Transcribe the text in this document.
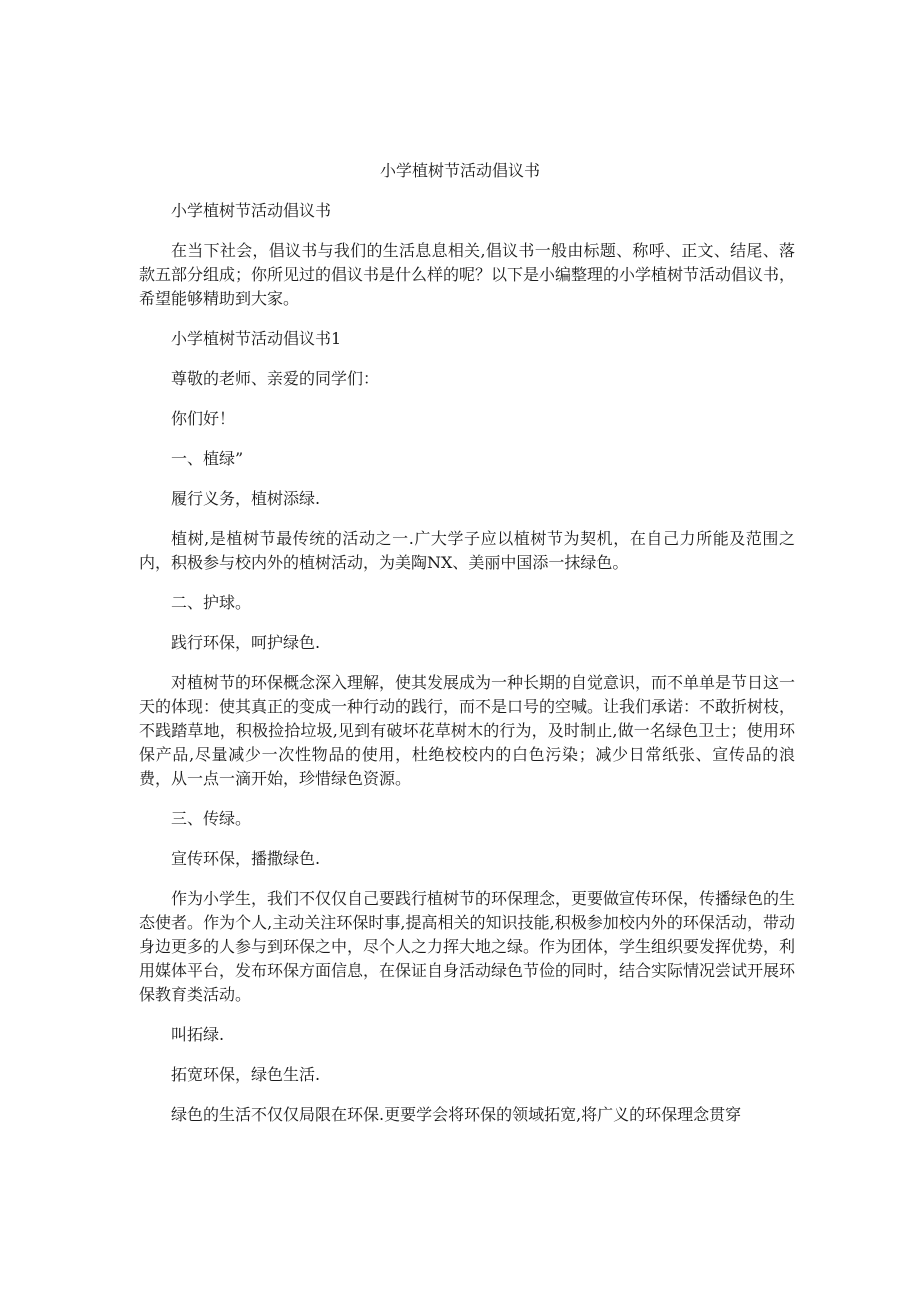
小学植树节活动倡议书

小学植树节活动倡议书

在当下社会，倡议书与我们的生活息息相关,倡议书一般由标题、称呼、正文、结尾、落款五部分组成；你所见过的倡议书是什么样的呢？以下是小编整理的小学植树节活动倡议书，希望能够精助到大家。

小学植树节活动倡议书1

尊敬的老师、亲爱的同学们：

你们好！

一、植绿”

履行义务，植树添绿.

植树,是植树节最传统的活动之一.广大学子应以植树节为契机，在自己力所能及范围之内，积极参与校内外的植树活动，为美陶NX、美丽中国添一抹绿色。

二、护球。

践行环保，呵护绿色.

对植树节的环保概念深入理解，使其发展成为一种长期的自觉意识，而不单单是节日这一天的体现：使其真正的变成一种行动的践行，而不是口号的空喊。让我们承诺：不敢折树枝，不践踏草地，积极捡拾垃圾,见到有破坏花草树木的行为，及时制止,做一名绿色卫士；使用环保产品,尽量减少一次性物品的使用，杜绝校校内的白色污染；减少日常纸张、宣传品的浪费，从一点一滴开始，珍惜绿色资源。

三、传绿。

宣传环保，播撒绿色.

作为小学生，我们不仅仅自己要践行植树节的环保理念，更要做宣传环保，传播绿色的生态使者。作为个人,主动关注环保时事,提高相关的知识技能,积极参加校内外的环保活动，带动身边更多的人参与到环保之中，尽个人之力挥大地之绿。作为团体，学生组织要发挥优势，利用媒体平台，发布环保方面信息，在保证自身活动绿色节俭的同时，结合实际情况尝试开展环保教育类活动。

叫拓绿.

拓宽环保，绿色生活.

绿色的生活不仅仅局限在环保.更要学会将环保的领域拓宽,将广义的环保理念贯穿
